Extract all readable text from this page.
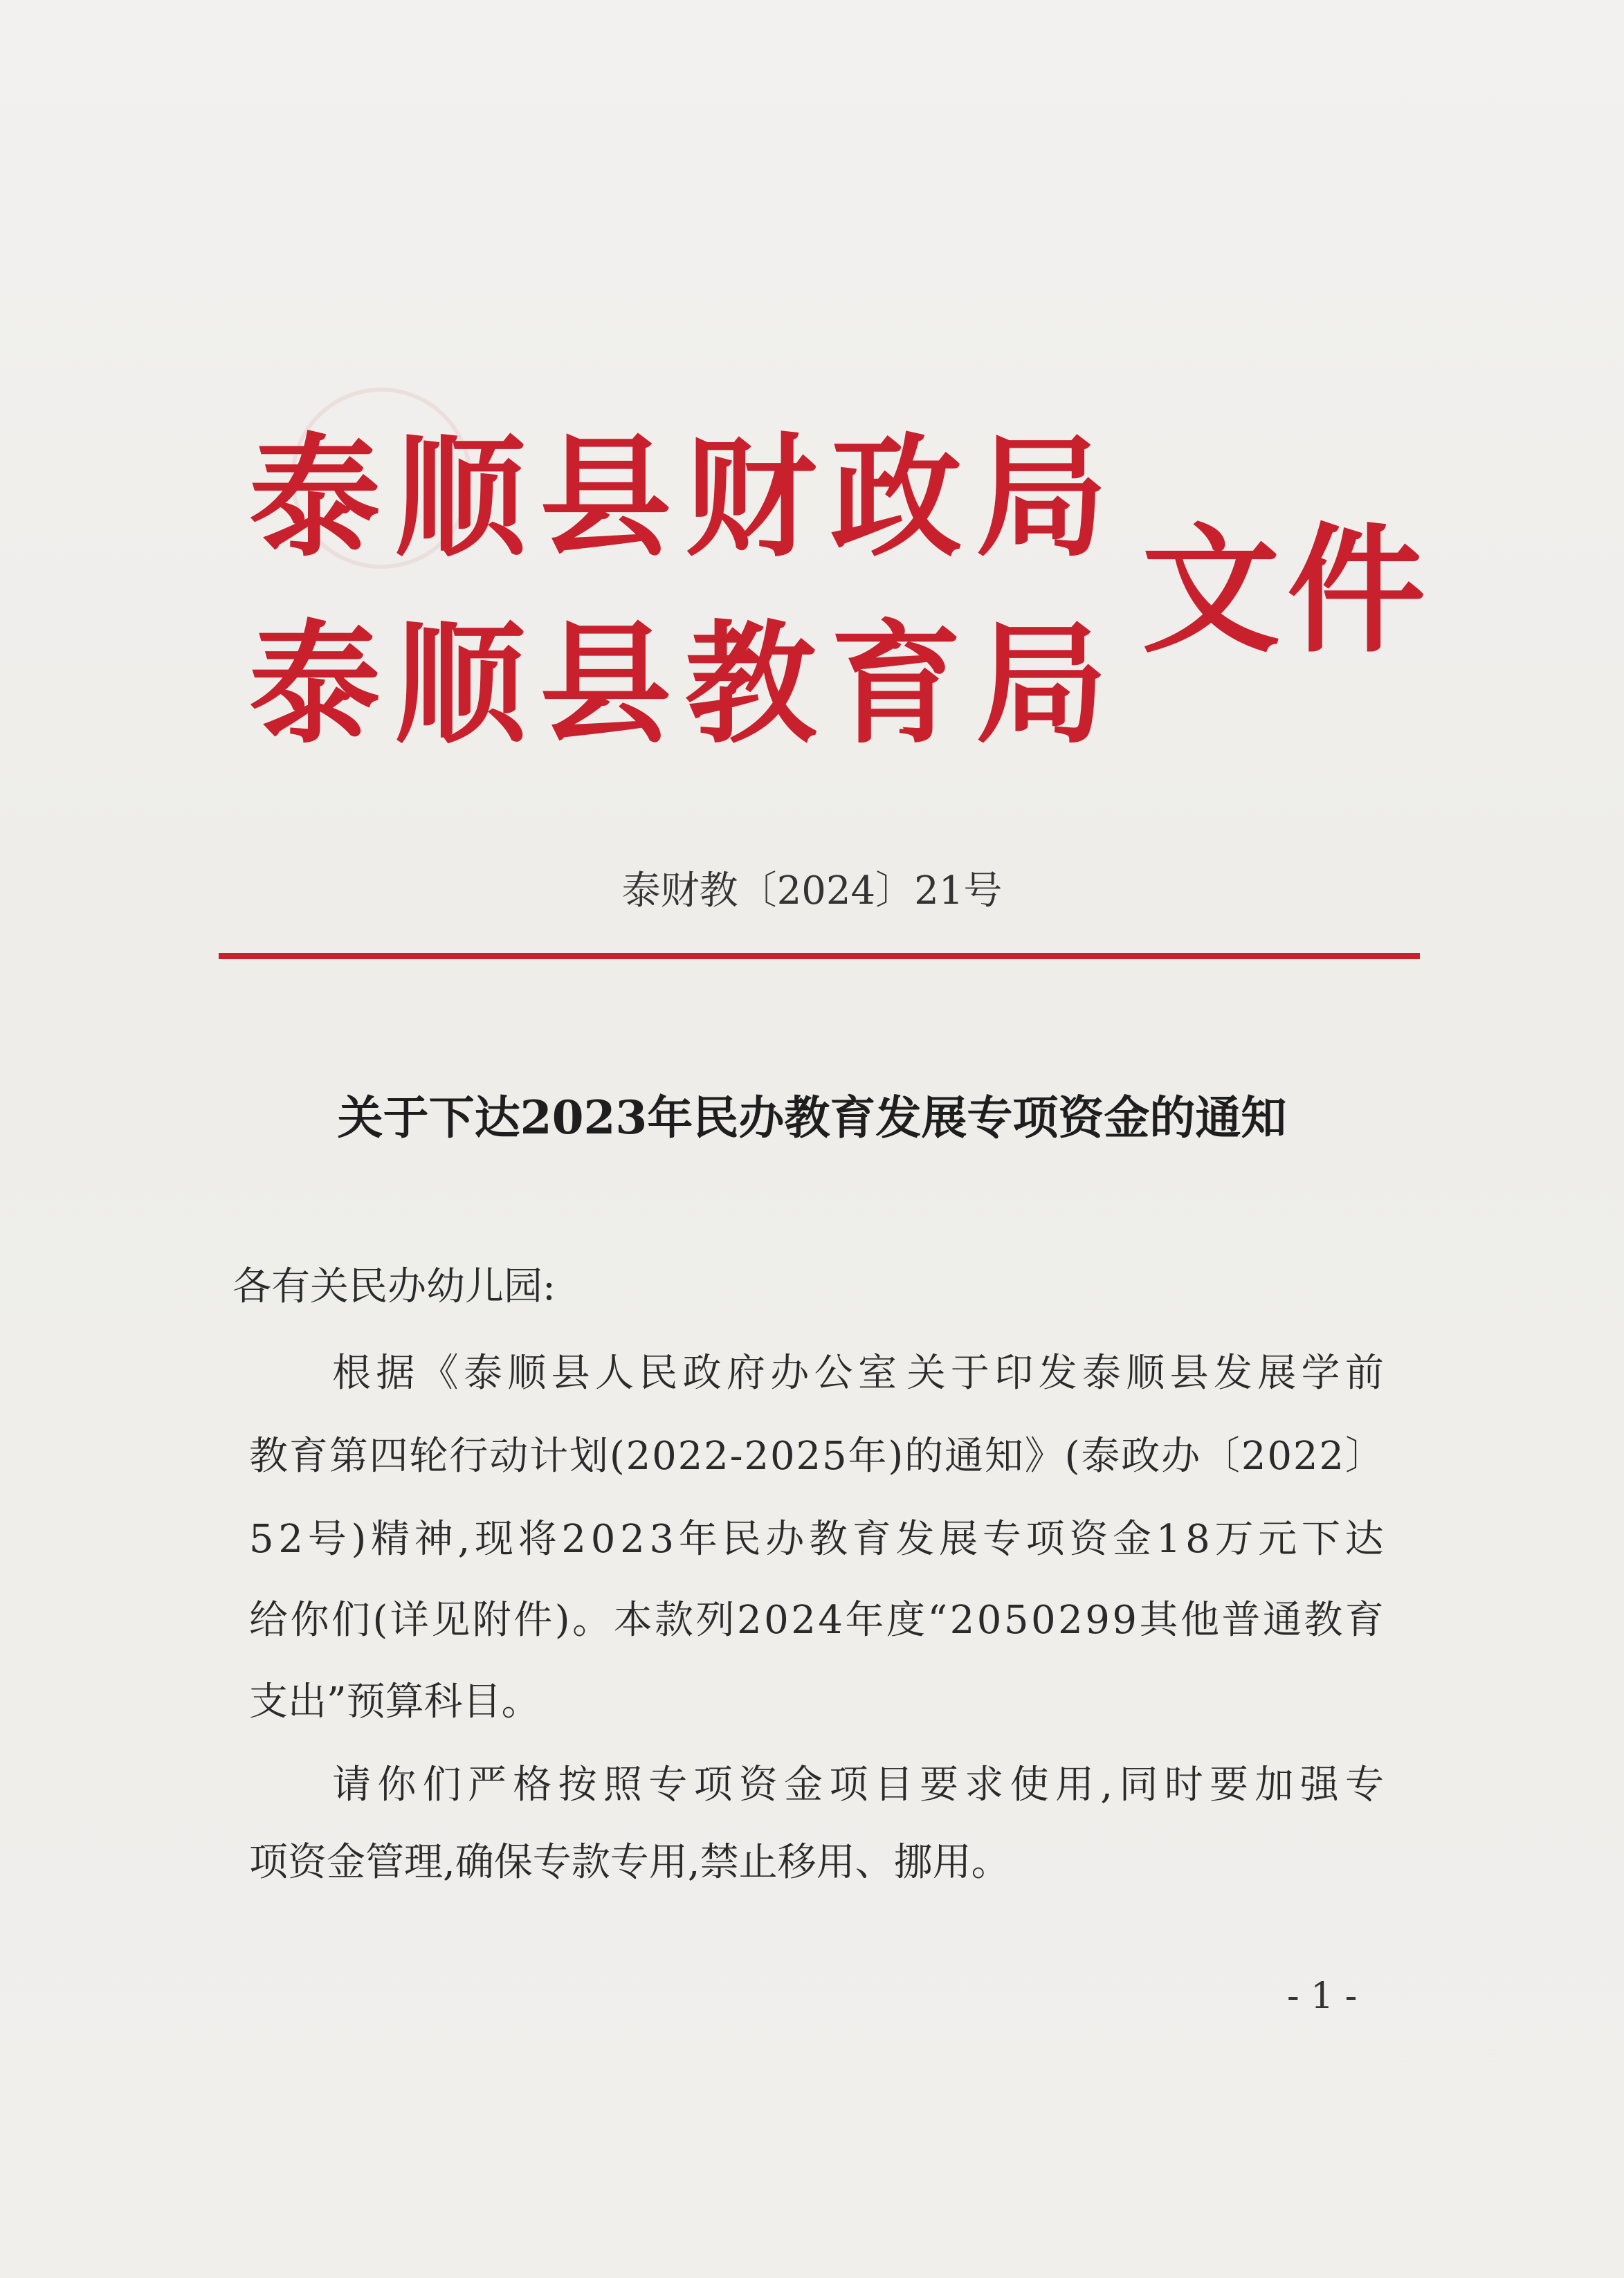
泰 顺 县 财 政 局
泰 顺 县 教 育 局
文件
泰财教〔2024〕21号
关于下达2023年民办教育发展专项资金的通知
各有关民办幼儿园:
根 据 《 泰 顺 县 人 民 政 府 办 公 室 关 于 印 发 泰 顺 县 发 展 学 前
教 育 第 四 轮 行 动 计 划 ( 2 0 2 2 - 2 0 2 5 年 ) 的 通 知 》 ( 泰 政 办 〔 2 0 2 2 〕
5 2 号 ) 精 神 , 现 将 2 0 2 3 年 民 办 教 育 发 展 专 项 资 金 1 8 万 元 下 达
给 你 们 ( 详 见 附 件 ) 。 本 款 列 2 0 2 4 年 度 “ 2 0 5 0 2 9 9 其 他 普 通 教 育
支出”预算科目。
请 你 们 严 格 按 照 专 项 资 金 项 目 要 求 使 用 , 同 时 要 加 强 专
项资金管理,确保专款专用,禁止移用、挪用。
- 1 -
